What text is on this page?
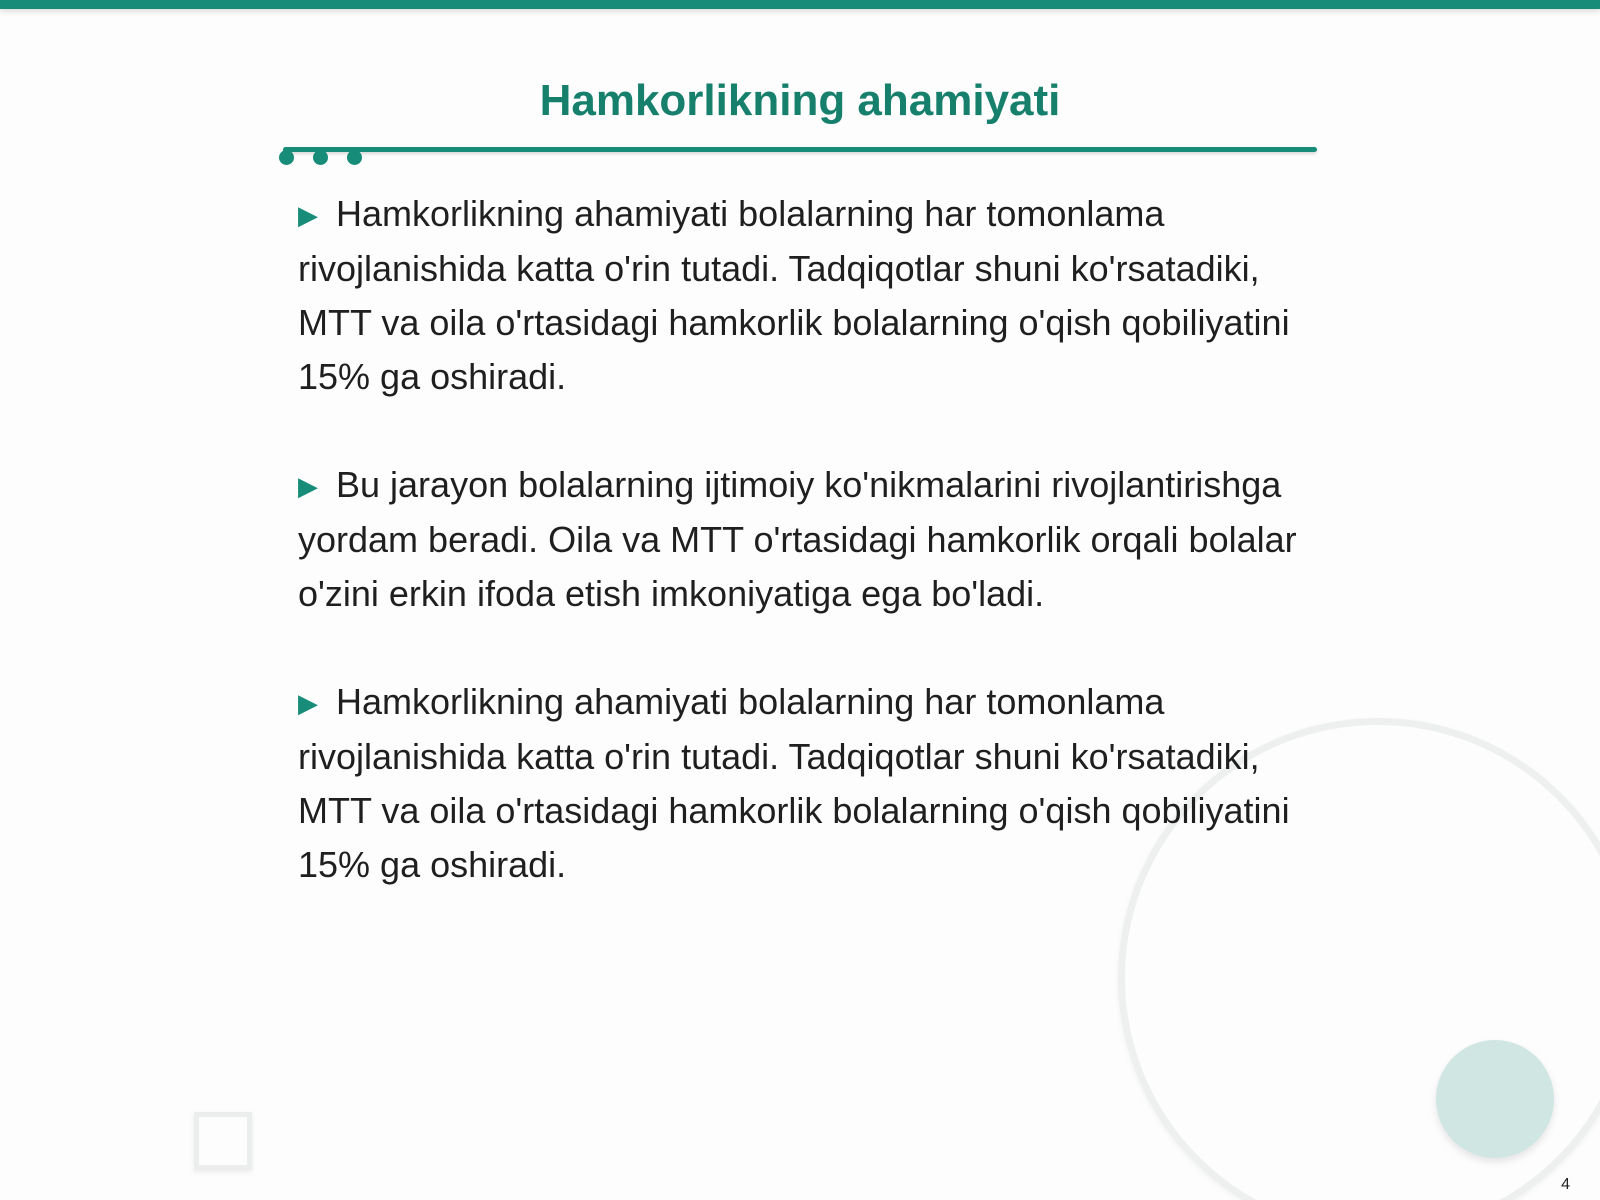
Hamkorlikning ahamiyati

▶ Hamkorlikning ahamiyati bolalarning har tomonlama rivojlanishida katta o'rin tutadi. Tadqiqotlar shuni ko'rsatadiki, MTT va oila o'rtasidagi hamkorlik bolalarning o'qish qobiliyatini 15% ga oshiradi.

▶ Bu jarayon bolalarning ijtimoiy ko'nikmalarini rivojlantirishga yordam beradi. Oila va MTT o'rtasidagi hamkorlik orqali bolalar o'zini erkin ifoda etish imkoniyatiga ega bo'ladi.

▶ Hamkorlikning ahamiyati bolalarning har tomonlama rivojlanishida katta o'rin tutadi. Tadqiqotlar shuni ko'rsatadiki, MTT va oila o'rtasidagi hamkorlik bolalarning o'qish qobiliyatini 15% ga oshiradi.

4
